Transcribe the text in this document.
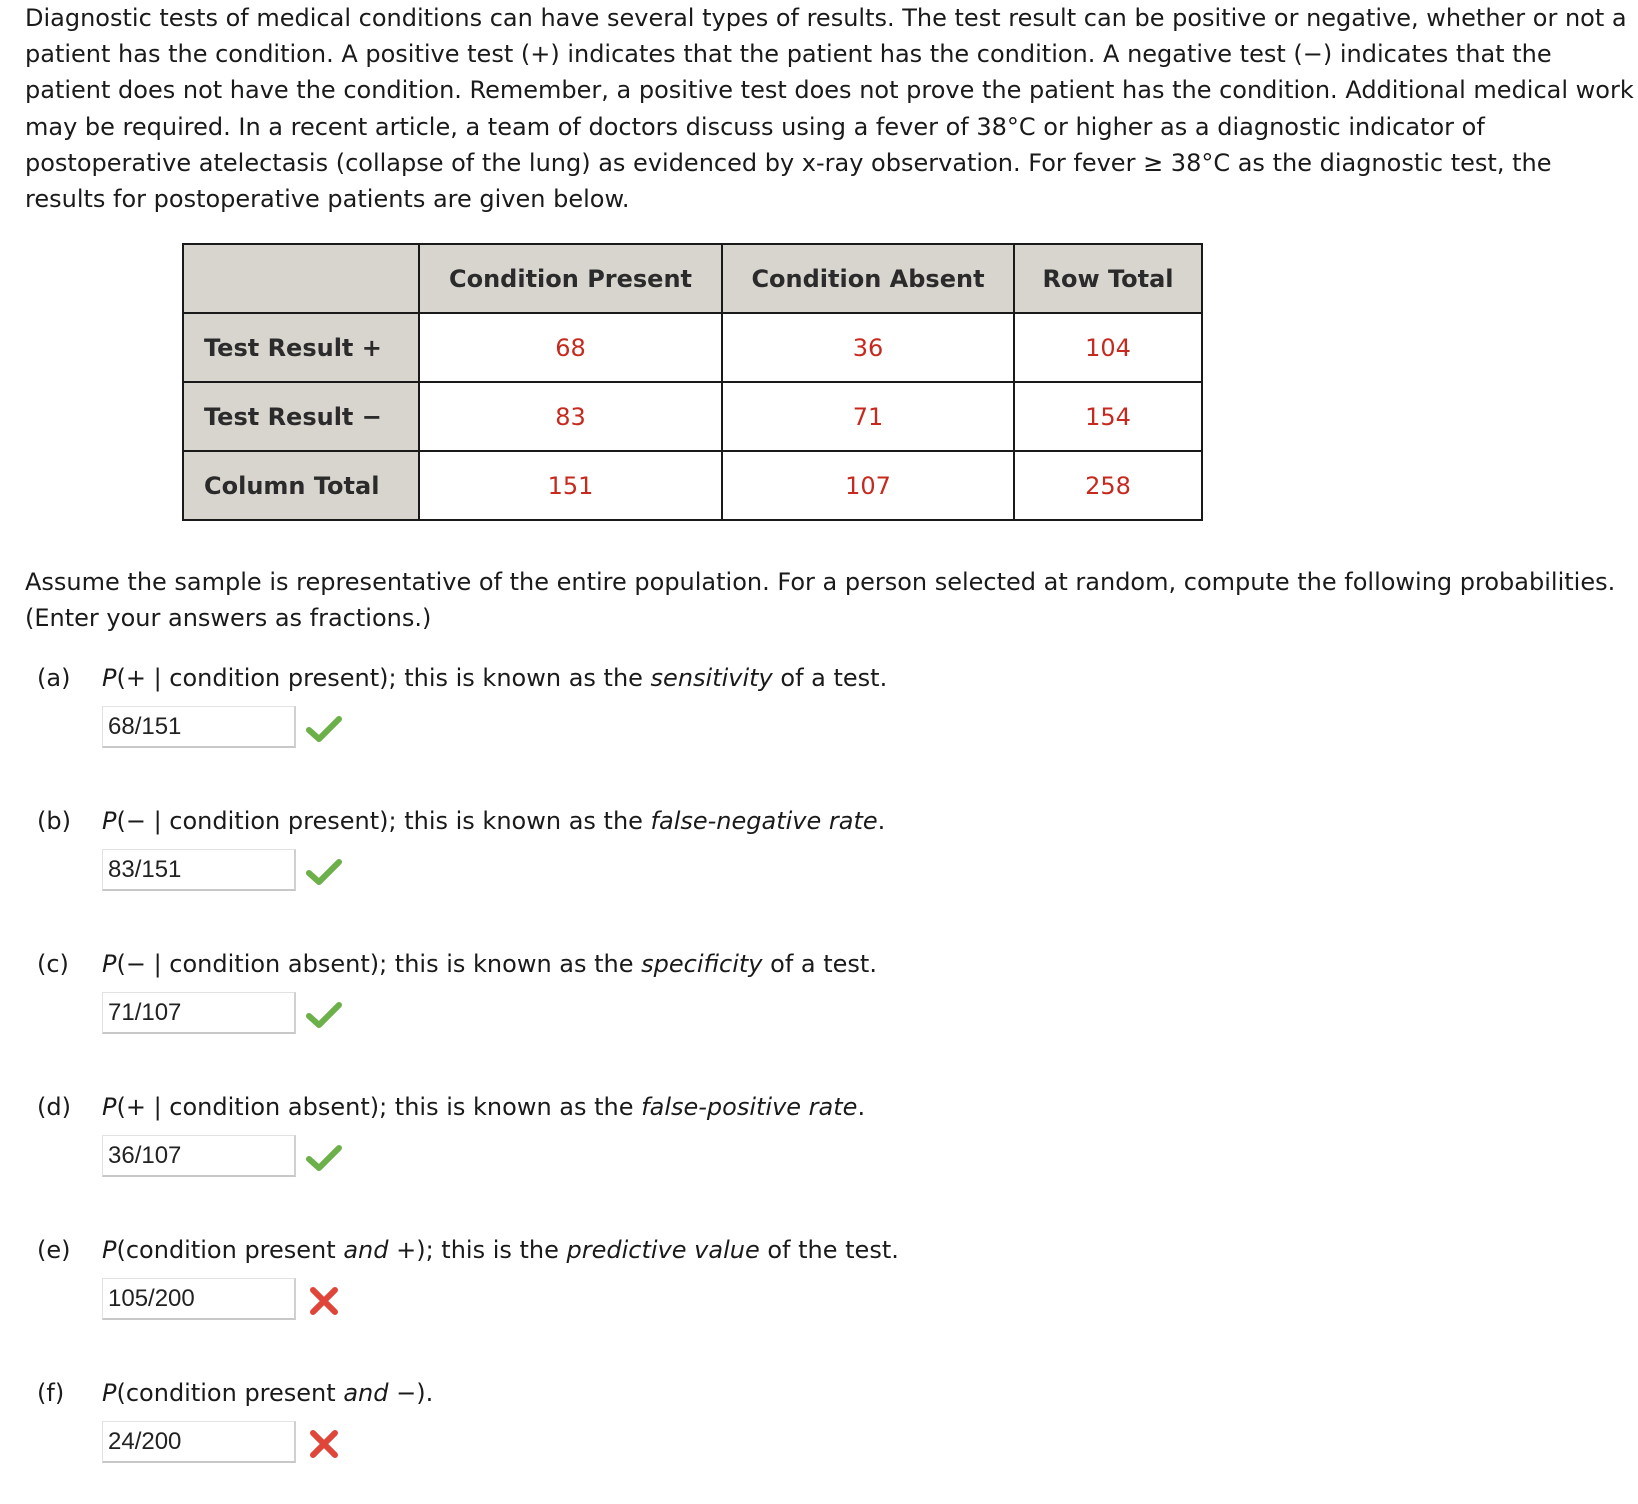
Diagnostic tests of medical conditions can have several types of results. The test result can be positive or negative, whether or not a patient has the condition. A positive test (+) indicates that the patient has the condition. A negative test (−) indicates that the patient does not have the condition. Remember, a positive test does not prove the patient has the condition. Additional medical work may be required. In a recent article, a team of doctors discuss using a fever of 38°C or higher as a diagnostic indicator of postoperative atelectasis (collapse of the lung) as evidenced by x-ray observation. For fever ≥ 38°C as the diagnostic test, the results for postoperative patients are given below.

	Condition Present	Condition Absent	Row Total
Test Result +	68	36	104
Test Result −	83	71	154
Column Total	151	107	258

Assume the sample is representative of the entire population. For a person selected at random, compute the following probabilities. (Enter your answers as fractions.)

(a) P(+ | condition present); this is known as the sensitivity of a test.
68/151
(b) P(− | condition present); this is known as the false-negative rate.
83/151
(c) P(− | condition absent); this is known as the specificity of a test.
71/107
(d) P(+ | condition absent); this is known as the false-positive rate.
36/107
(e) P(condition present and +); this is the predictive value of the test.
105/200
(f) P(condition present and −).
24/200
